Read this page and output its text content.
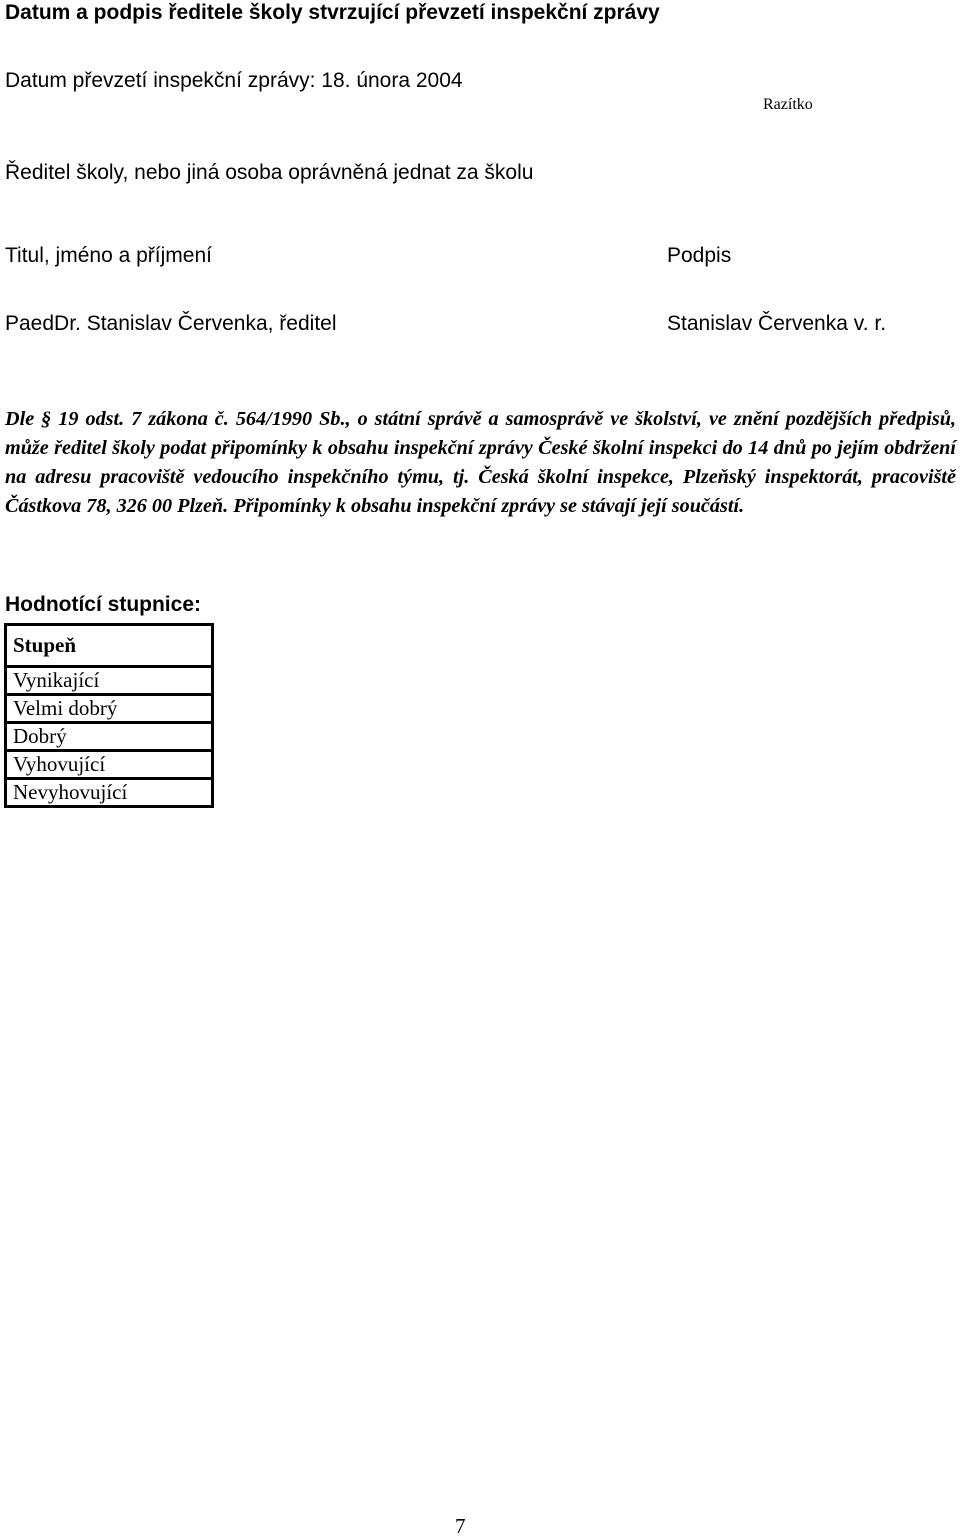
Datum a podpis ředitele školy stvrzující převzetí inspekční zprávy
Datum převzetí inspekční zprávy: 18. února 2004
Razítko
Ředitel školy, nebo jiná osoba oprávněná jednat za školu
Titul, jméno a příjmení	Podpis
PaedDr. Stanislav Červenka, ředitel	Stanislav Červenka v. r.
Dle § 19 odst. 7 zákona č. 564/1990 Sb., o státní správě a samosprávě ve školství, ve znění pozdějších předpisů, může ředitel školy podat připomínky k obsahu inspekční zprávy České školní inspekci do 14 dnů po jejím obdržení na adresu pracoviště vedoucího inspekčního týmu, tj. Česká školní inspekce, Plzeňský inspektorát, pracoviště Částkova 78, 326 00 Plzeň. Připomínky k obsahu inspekční zprávy se stávají její součástí.
Hodnotící stupnice:
Stupeň
Vynikající
Velmi dobrý
Dobrý
Vyhovující
Nevyhovující
7
